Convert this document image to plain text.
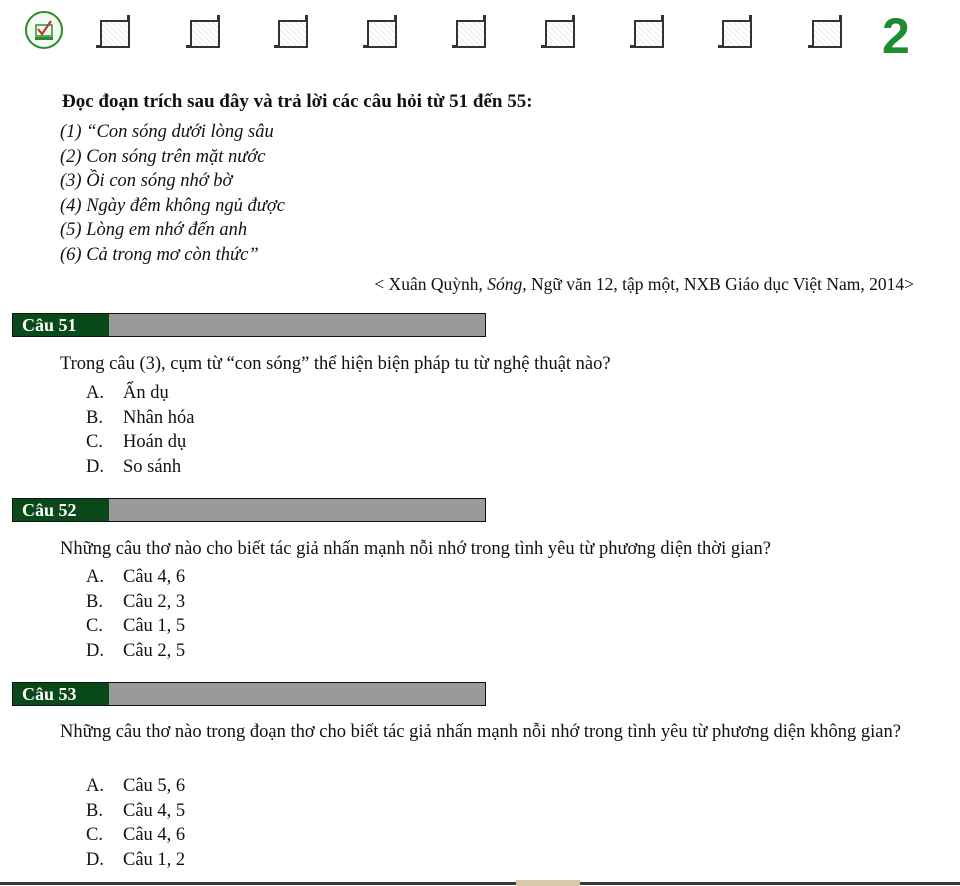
2
Đọc đoạn trích sau đây và trả lời các câu hỏi từ 51 đến 55:
(1) “Con sóng dưới lòng sâu
(2) Con sóng trên mặt nước
(3) Ồi con sóng nhớ bờ
(4) Ngày đêm không ngủ được
(5) Lòng em nhớ đến anh
(6) Cả trong mơ còn thức”
< Xuân Quỳnh, Sóng, Ngữ văn 12, tập một, NXB Giáo dục Việt Nam, 2014>
Câu 51
Trong câu (3), cụm từ “con sóng” thể hiện biện pháp tu từ nghệ thuật nào?
A. Ẩn dụ
B. Nhân hóa
C. Hoán dụ
D. So sánh
Câu 52
Những câu thơ nào cho biết tác giả nhấn mạnh nỗi nhớ trong tình yêu từ phương diện thời gian?
A. Câu 4, 6
B. Câu 2, 3
C. Câu 1, 5
D. Câu 2, 5
Câu 53
Những câu thơ nào trong đoạn thơ cho biết tác giả nhấn mạnh nỗi nhớ trong tình yêu từ phương diện không gian?
A. Câu 5, 6
B. Câu 4, 5
C. Câu 4, 6
D. Câu 1, 2
